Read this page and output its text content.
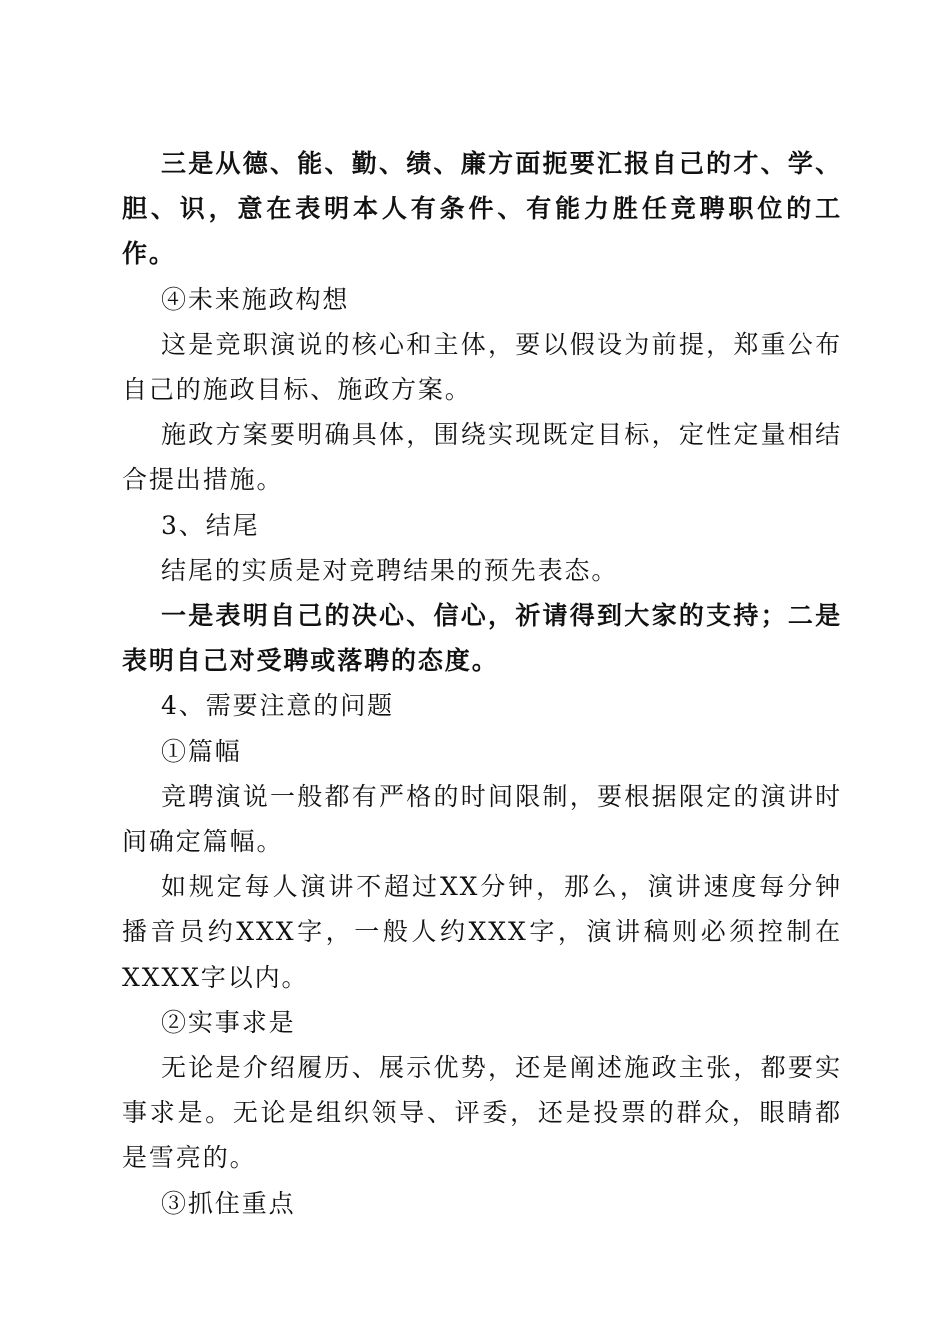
三是从德、能、勤、绩、廉方面扼要汇报自己的才、学、胆、识，意在表明本人有条件、有能力胜任竞聘职位的工作。

④未来施政构想

这是竞职演说的核心和主体，要以假设为前提，郑重公布自己的施政目标、施政方案。

施政方案要明确具体，围绕实现既定目标，定性定量相结合提出措施。

3、结尾

结尾的实质是对竞聘结果的预先表态。

一是表明自己的决心、信心，祈请得到大家的支持；二是表明自己对受聘或落聘的态度。

4、需要注意的问题

①篇幅

竞聘演说一般都有严格的时间限制，要根据限定的演讲时间确定篇幅。

如规定每人演讲不超过XX分钟，那么，演讲速度每分钟播音员约XXX字，一般人约XXX字，演讲稿则必须控制在XXXX字以内。

②实事求是

无论是介绍履历、展示优势，还是阐述施政主张，都要实事求是。无论是组织领导、评委，还是投票的群众，眼睛都是雪亮的。

③抓住重点
